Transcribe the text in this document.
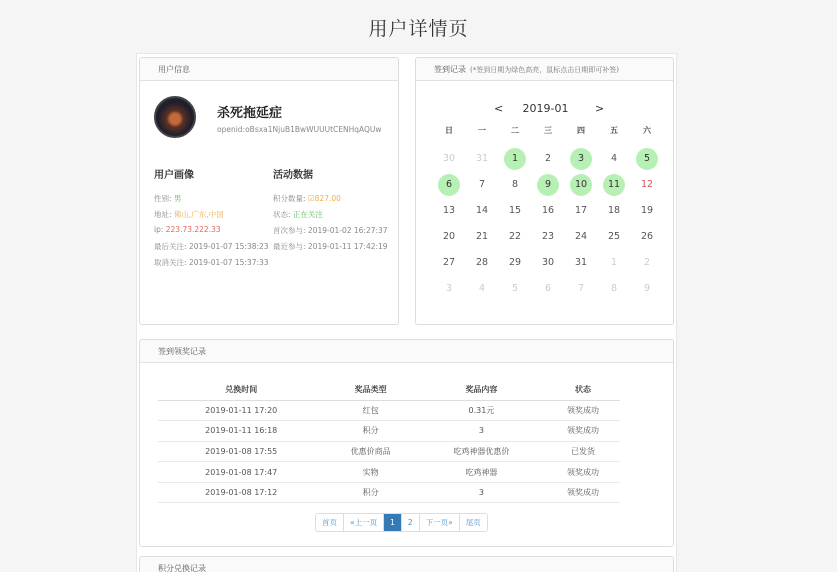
用户详情页
用户信息
杀死拖延症
openid:oBsxa1NjuB1BwWUUUtCENHqAQUw
用户画像
性别: 男
地址: 佛山,广东,中国
ip: 223.73.222.33
最后关注: 2019-01-07 15:38:23
取消关注: 2019-01-07 15:37:33
活动数据
积分数量: ☑827.00
状态: 正在关注
首次参与: 2019-01-02 16:27:37
最近参与: 2019-01-11 17:42:19
签到记录 (*签到日期为绿色高亮，鼠标点击日期即可补签)
<	2019-01	>
日	一	二	三	四	五	六
30	31	1	2	3	4	5
6	7	8	9	10	11	12
13	14	15	16	17	18	19
20	21	22	23	24	25	26
27	28	29	30	31	1	2
3	4	5	6	7	8	9
签到领奖记录
兑换时间	奖品类型	奖品内容	状态
2019-01-11 17:20	红包	0.31元	领奖成功
2019-01-11 16:18	积分	3	领奖成功
2019-01-08 17:55	优惠价商品	吃鸡神器优惠价	已发货
2019-01-08 17:47	实物	吃鸡神器	领奖成功
2019-01-08 17:12	积分	3	领奖成功
首页	«上一页	1	2	下一页»	尾页
积分兑换记录
